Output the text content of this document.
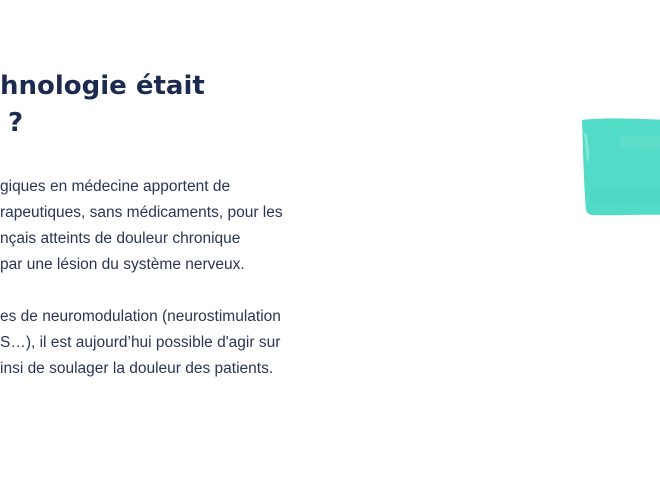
hnologie était
?

giques en médecine apportent de
rapeutiques, sans médicaments, pour les
nçais atteints de douleur chronique
par une lésion du système nerveux.

es de neuromodulation (neurostimulation
S…), il est aujourd’hui possible d'agir sur
insi de soulager la douleur des patients.
